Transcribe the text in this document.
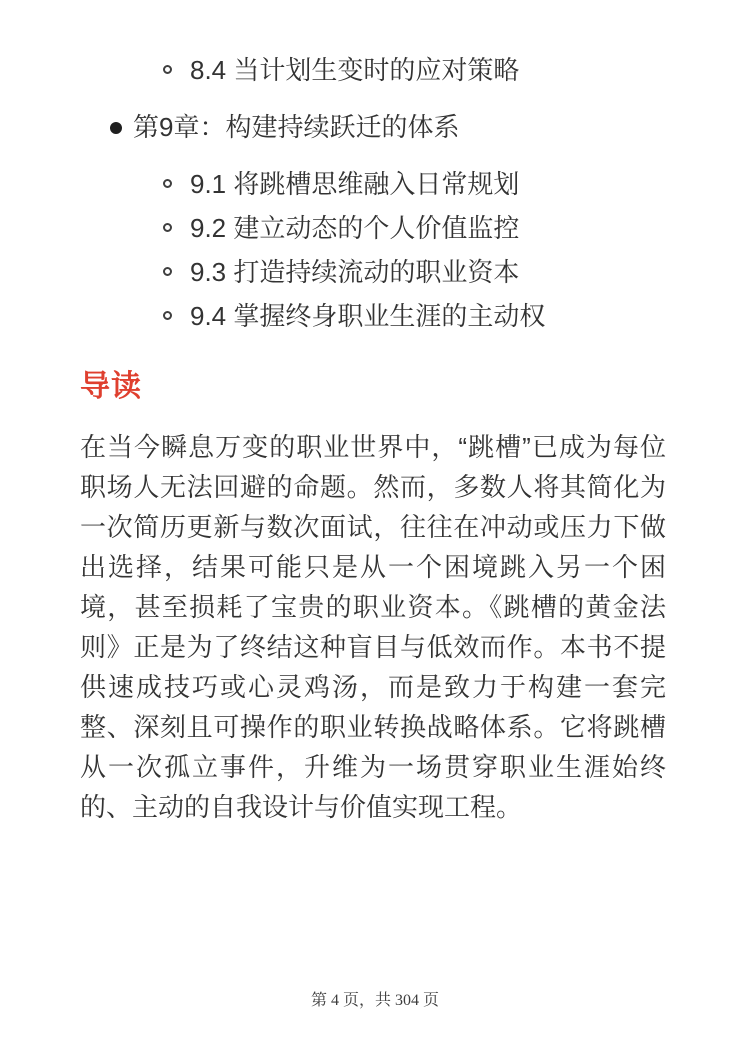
8.4 当计划生变时的应对策略
第9章：构建持续跃迁的体系
9.1 将跳槽思维融入日常规划
9.2 建立动态的个人价值监控
9.3 打造持续流动的职业资本
9.4 掌握终身职业生涯的主动权
导读

在当今瞬息万变的职业世界中，“跳槽”已成为每位职场人无法回避的命题。然而，多数人将其简化为一次简历更新与数次面试，往往在冲动或压力下做出选择，结果可能只是从一个困境跳入另一个困境，甚至损耗了宝贵的职业资本。《跳槽的黄金法则》正是为了终结这种盲目与低效而作。本书不提供速成技巧或心灵鸡汤，而是致力于构建一套完整、深刻且可操作的职业转换战略体系。它将跳槽从一次孤立事件，升维为一场贯穿职业生涯始终的、主动的自我设计与价值实现工程。

第 4 页，共 304 页
